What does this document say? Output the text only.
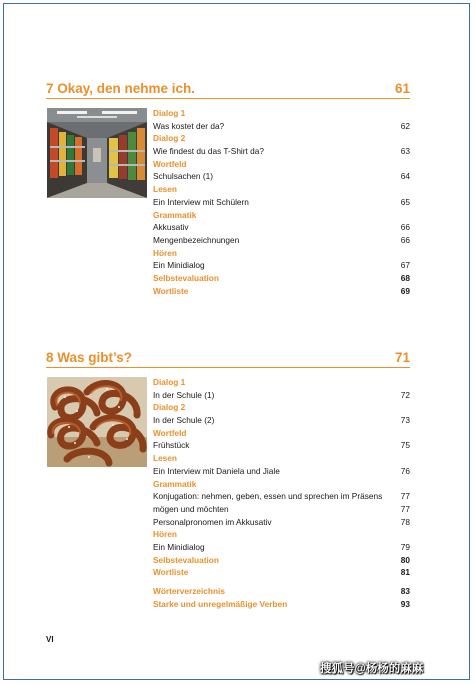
7 Okay, den nehme ich.	61
Dialog 1
Was kostet der da?	62
Dialog 2
Wie findest du das T-Shirt da?	63
Wortfeld
Schulsachen (1)	64
Lesen
Ein Interview mit Schülern	65
Grammatik
Akkusativ	66
Mengenbezeichnungen	66
Hören
Ein Minidialog	67
Selbstevaluation	68
Wortliste	69
8 Was gibt’s?	71
Dialog 1
In der Schule (1)	72
Dialog 2
In der Schule (2)	73
Wortfeld
Frühstück	75
Lesen
Ein Interview mit Daniela und Jiale	76
Grammatik
Konjugation: nehmen, geben, essen und sprechen im Präsens 77
mögen und möchten	77
Personalpronomen im Akkusativ	78
Hören
Ein Minidialog	79
Selbstevaluation	80
Wortliste	81
Wörterverzeichnis	83
Starke und unregelmäßige Verben	93
VI
搜狐号@杨杨的麻麻
